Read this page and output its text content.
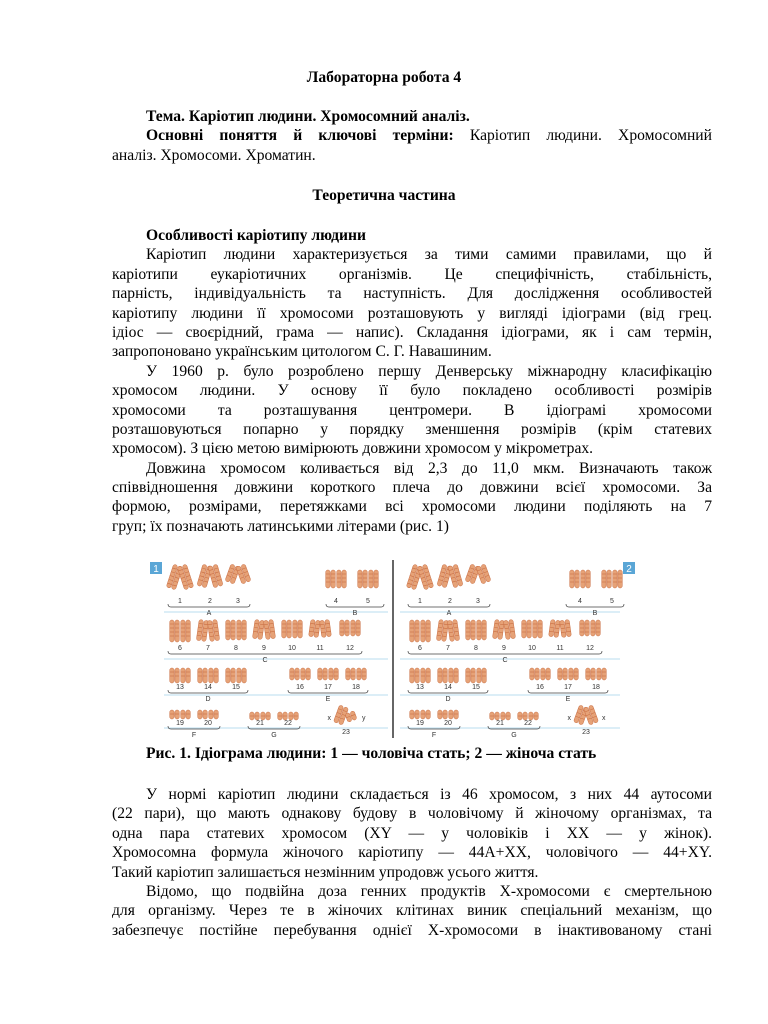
Лабораторна робота 4
Тема. Каріотип людини. Хромосомний аналіз.
Основні поняття й ключові терміни: Каріотип людини. Хромосомний
аналіз. Хромосоми. Хроматин.
Теоретична частина
Особливості каріотипу людини
Каріотип людини характеризується за тими самими правилами, що й
каріотипи еукаріотичних організмів. Це специфічність, стабільність,
парність, індивідуальність та наступність. Для дослідження особливостей
каріотипу людини її хромосоми розташовують у вигляді ідіограми (від грец.
ідіос — своєрідний, грама — напис). Складання ідіограми, як і сам термін,
запропоновано українським цитологом С. Г. Навашиним.
У 1960 р. було розроблено першу Денверську міжнародну класифікацію
хромосом людини. У основу її було покладено особливості розмірів
хромосоми та розташування центромери. В ідіограмі хромосоми
розташовуються попарно у порядку зменшення розмірів (крім статевих
хромосом). З цією метою вимірюють довжини хромосом у мікрометрах.
Довжина хромосом коливається від 2,3 до 11,0 мкм. Визначають також
співвідношення довжини короткого плеча до довжини всієї хромосоми. За
формою, розмірами, перетяжками всі хромосоми людини поділяють на 7
груп; їх позначають латинськими літерами (рис. 1)
1	2
1	2	3
A
4	5
B
6	7	8	9	10	11	12
C
13	14	15	16	17	18
D	E
19	20
F
21	22
G
x	y
23
1	2	3
A
4	5
B
6	7	8	9	10	11	12
C
13	14	15	16	17	18
D	E
19	20
F
21	22
G
x	x
23
Рис. 1. Ідіограма людини: 1 — чоловіча стать; 2 — жіноча стать
У нормі каріотип людини складається із 46 хромосом, з них 44 аутосоми
(22 пари), що мають однакову будову в чоловічому й жіночому організмах, та
одна пара статевих хромосом (XY — у чоловіків і XX — у жінок).
Хромосомна формула жіночого каріотипу — 44A+XX, чоловічого — 44+XY.
Такий каріотип залишається незмінним упродовж усього життя.
Відомо, що подвійна доза генних продуктів X-хромосоми є смертельною
для організму. Через те в жіночих клітинах виник спеціальний механізм, що
забезпечує постійне перебування однієї X-хромосоми в інактивованому стані
